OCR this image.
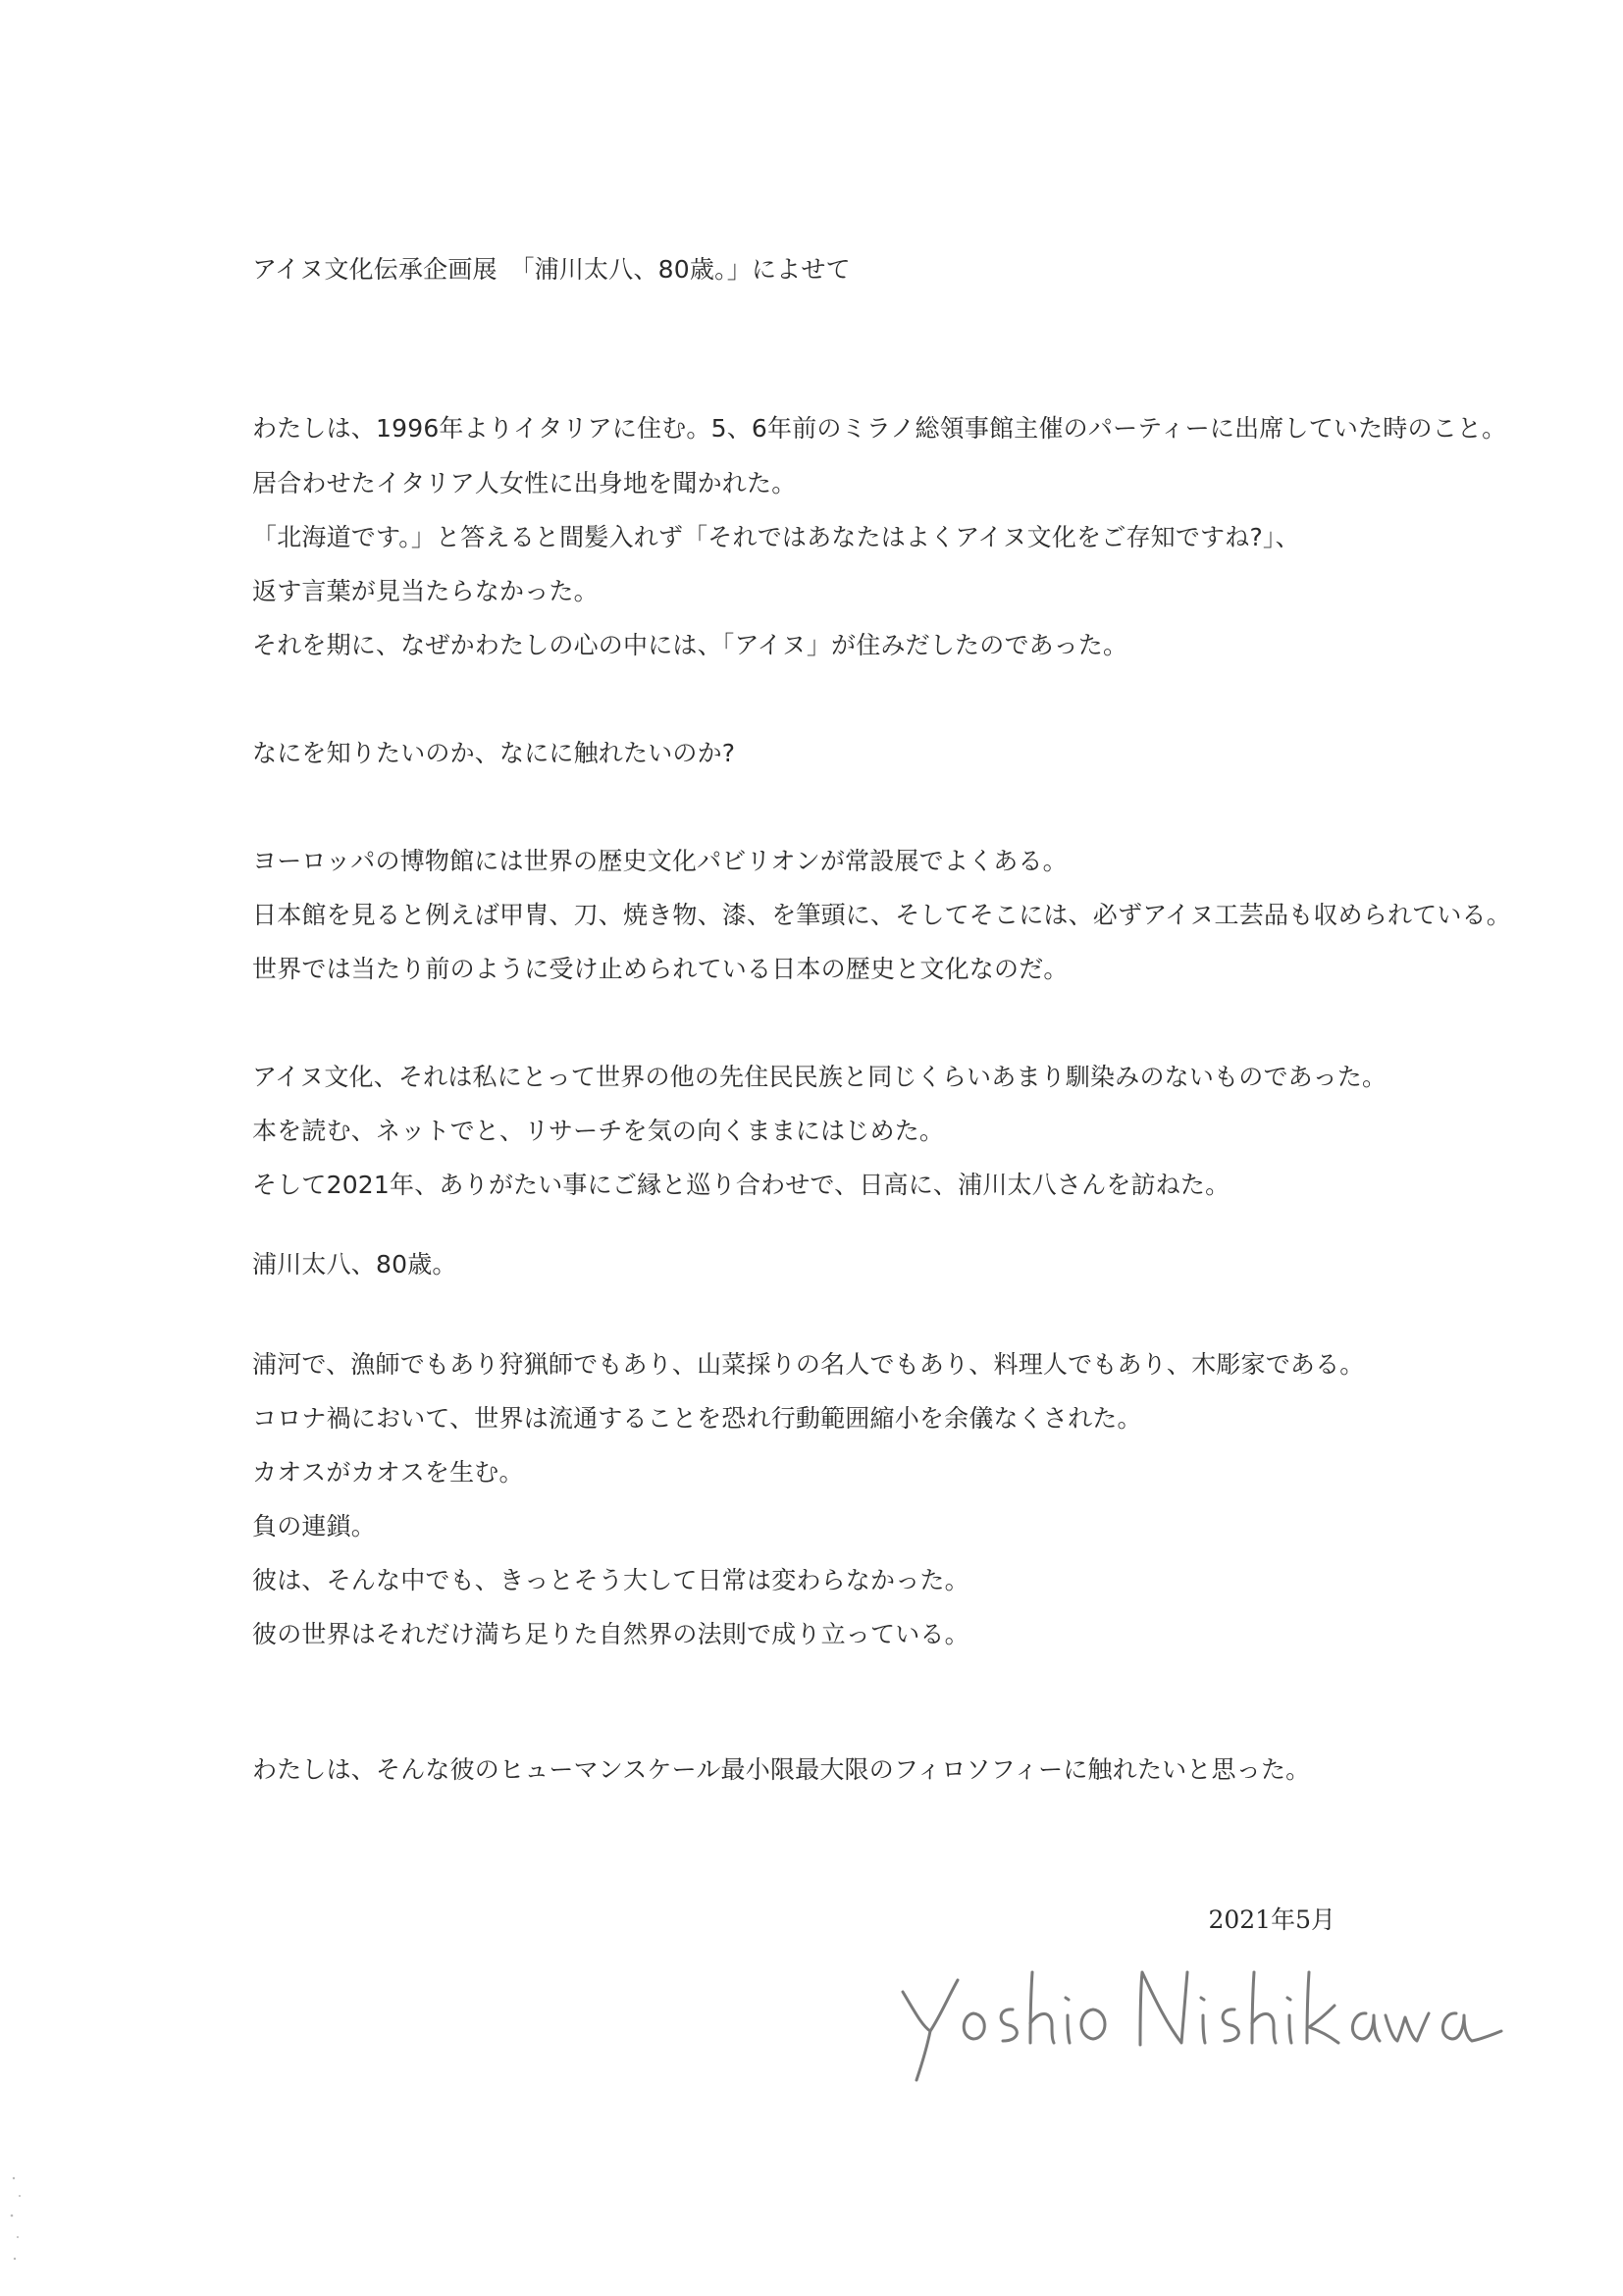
アイヌ文化伝承企画展　「浦川太八、80歳。」によせて
わたしは、1996年よりイタリアに住む。5、6年前のミラノ総領事館主催のパーティーに出席していた時のこと。
居合わせたイタリア人女性に出身地を聞かれた。
「北海道です。」と答えると間髪入れず「それではあなたはよくアイヌ文化をご存知ですね?」、
返す言葉が見当たらなかった。
それを期に、なぜかわたしの心の中には、「アイヌ」が住みだしたのであった。
なにを知りたいのか、なにに触れたいのか?
ヨーロッパの博物館には世界の歴史文化パビリオンが常設展でよくある。
日本館を見ると例えば甲冑、刀、焼き物、漆、を筆頭に、そしてそこには、必ずアイヌ工芸品も収められている。
世界では当たり前のように受け止められている日本の歴史と文化なのだ。
アイヌ文化、それは私にとって世界の他の先住民民族と同じくらいあまり馴染みのないものであった。
本を読む、ネットでと、リサーチを気の向くままにはじめた。
そして2021年、ありがたい事にご縁と巡り合わせで、日高に、浦川太八さんを訪ねた。
浦川太八、80歳。
浦河で、漁師でもあり狩猟師でもあり、山菜採りの名人でもあり、料理人でもあり、木彫家である。
コロナ禍において、世界は流通することを恐れ行動範囲縮小を余儀なくされた。
カオスがカオスを生む。
負の連鎖。
彼は、そんな中でも、きっとそう大して日常は変わらなかった。
彼の世界はそれだけ満ち足りた自然界の法則で成り立っている。
わたしは、そんな彼のヒューマンスケール最小限最大限のフィロソフィーに触れたいと思った。
2021年5月
